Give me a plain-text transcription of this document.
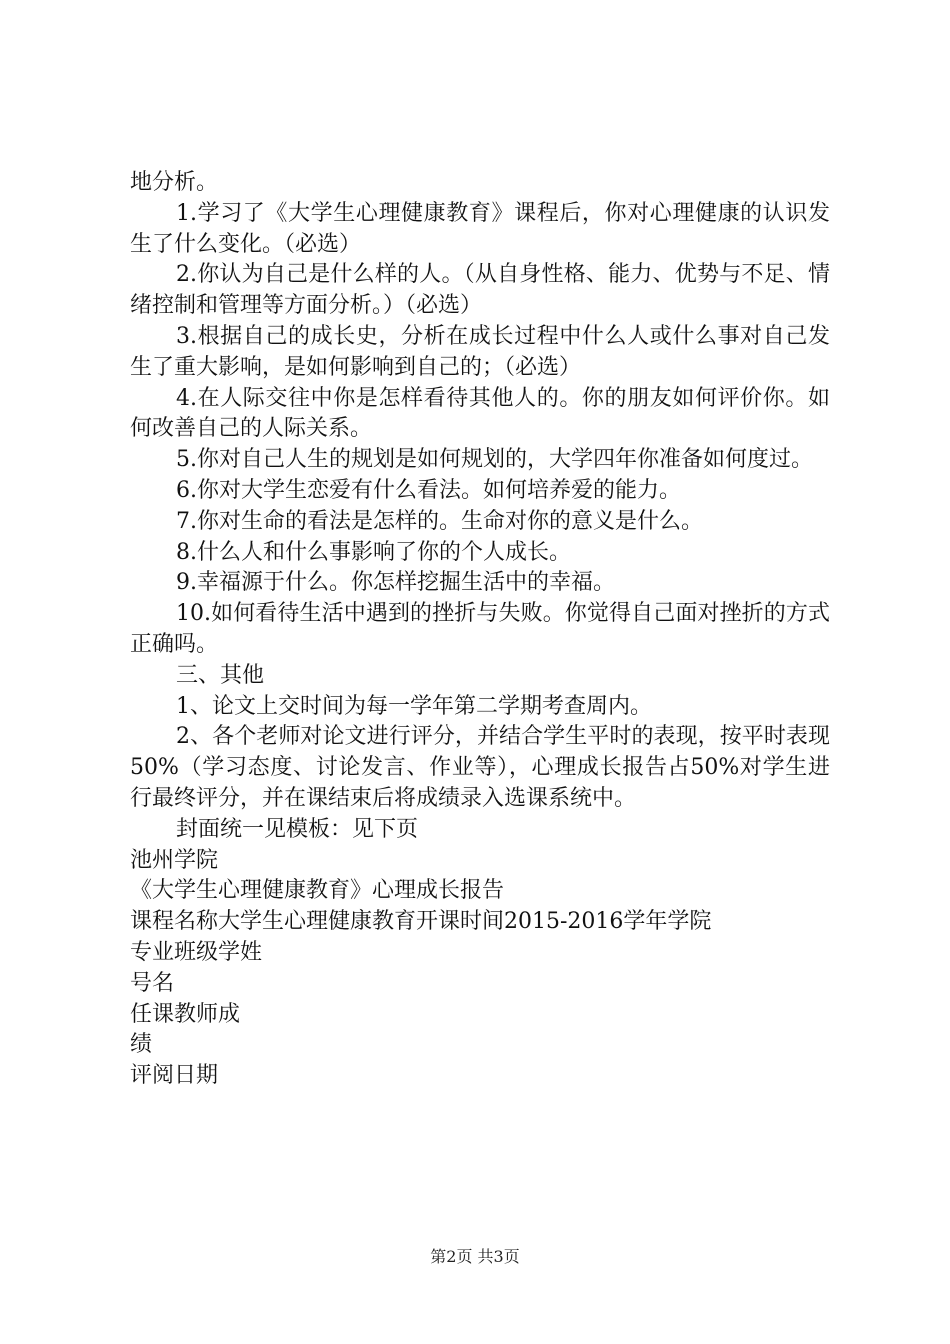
地分析。

1.学习了《大学生心理健康教育》课程后，你对心理健康的认识发生了什么变化。（必选）

2.你认为自己是什么样的人。（从自身性格、能力、优势与不足、情绪控制和管理等方面分析。）（必选）

3.根据自己的成长史，分析在成长过程中什么人或什么事对自己发生了重大影响，是如何影响到自己的；（必选）

4.在人际交往中你是怎样看待其他人的。你的朋友如何评价你。如何改善自己的人际关系。

5.你对自己人生的规划是如何规划的，大学四年你准备如何度过。

6.你对大学生恋爱有什么看法。如何培养爱的能力。

7.你对生命的看法是怎样的。生命对你的意义是什么。

8.什么人和什么事影响了你的个人成长。

9.幸福源于什么。你怎样挖掘生活中的幸福。

10.如何看待生活中遇到的挫折与失败。你觉得自己面对挫折的方式正确吗。

三、其他

1、论文上交时间为每一学年第二学期考查周内。

2、各个老师对论文进行评分，并结合学生平时的表现，按平时表现50%（学习态度、讨论发言、作业等），心理成长报告占50%对学生进行最终评分，并在课结束后将成绩录入选课系统中。

封面统一见模板：见下页

池州学院

《大学生心理健康教育》心理成长报告

课程名称大学生心理健康教育开课时间2015-2016学年学院

专业班级学姓

号名

任课教师成

绩

评阅日期

第2页 共3页
